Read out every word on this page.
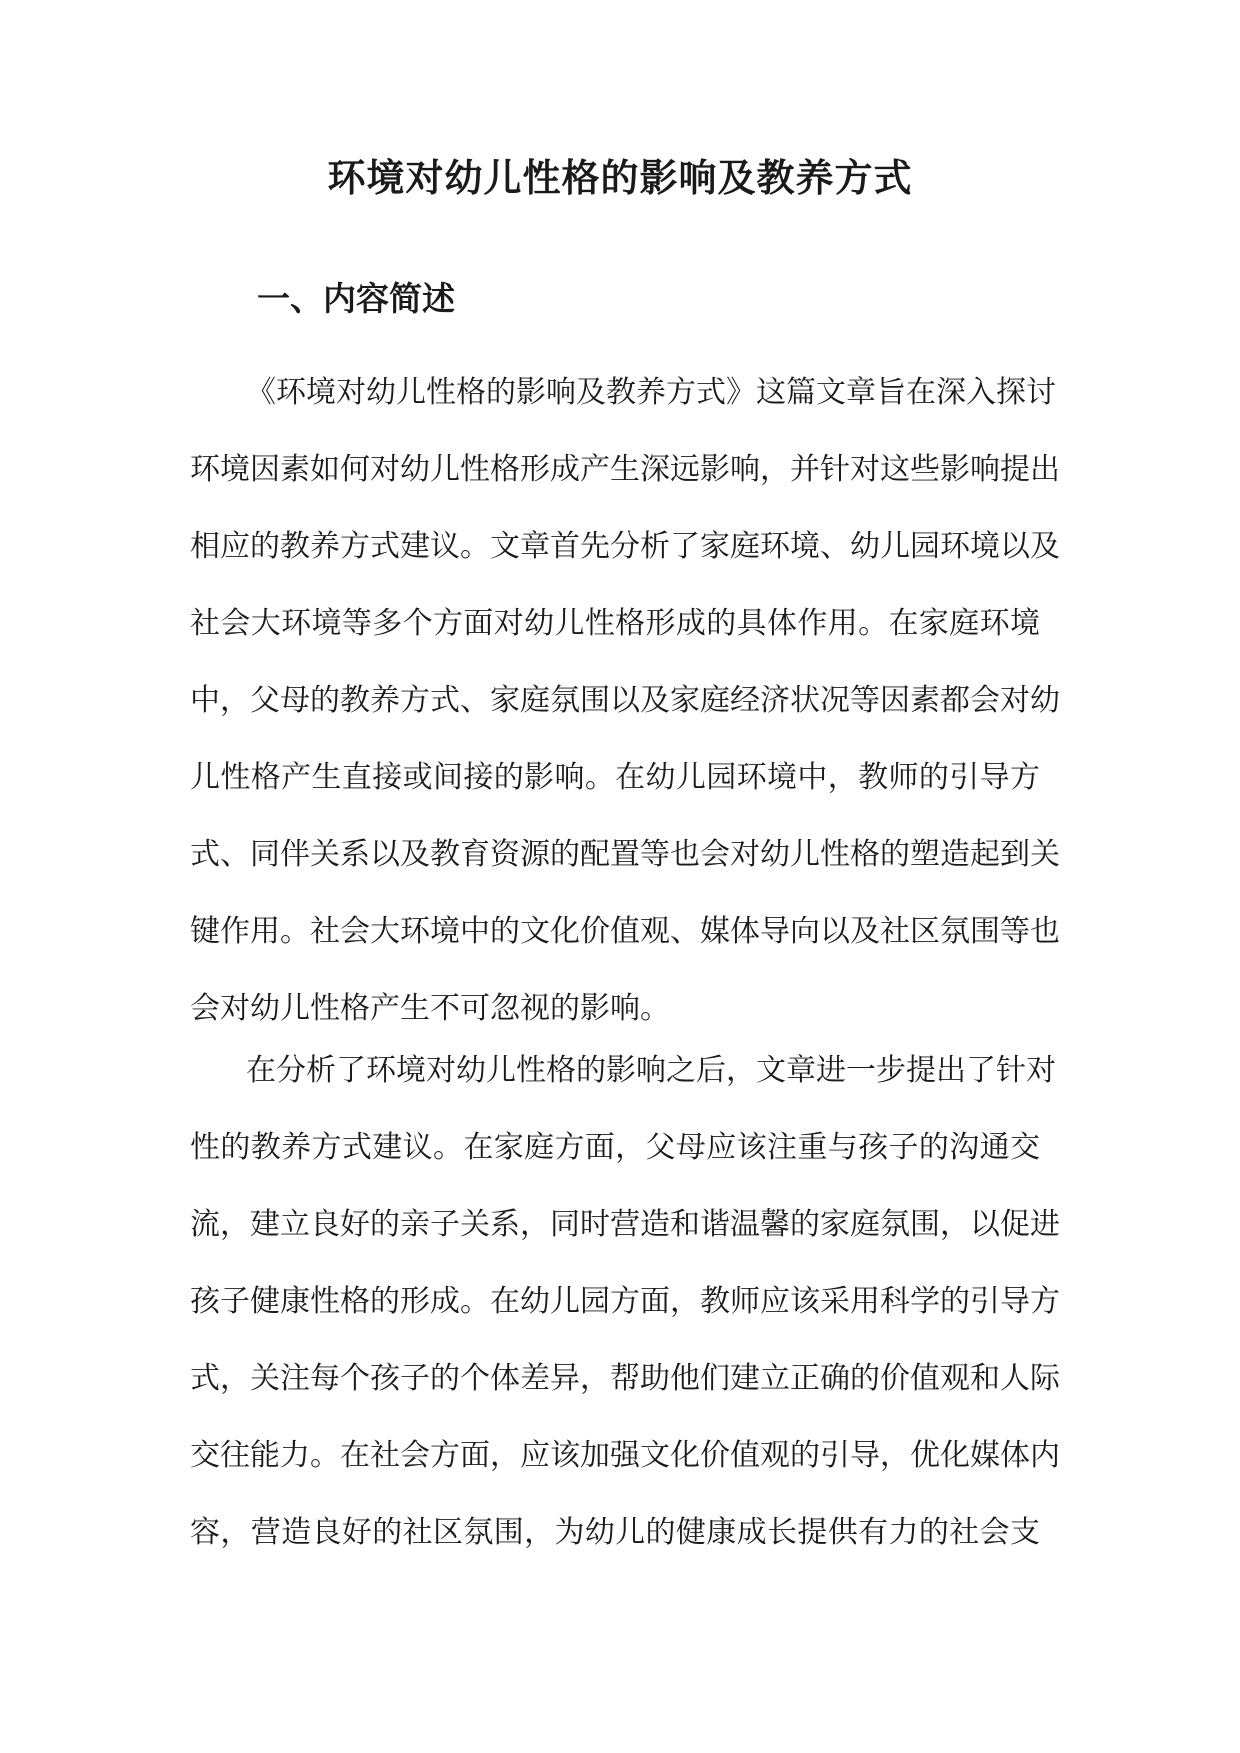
环境对幼儿性格的影响及教养方式
一、内容简述
《环境对幼儿性格的影响及教养方式》这篇文章旨在深入探讨
环境因素如何对幼儿性格形成产生深远影响，并针对这些影响提出
相应的教养方式建议。文章首先分析了家庭环境、幼儿园环境以及
社会大环境等多个方面对幼儿性格形成的具体作用。在家庭环境
中，父母的教养方式、家庭氛围以及家庭经济状况等因素都会对幼
儿性格产生直接或间接的影响。在幼儿园环境中，教师的引导方
式、同伴关系以及教育资源的配置等也会对幼儿性格的塑造起到关
键作用。社会大环境中的文化价值观、媒体导向以及社区氛围等也
会对幼儿性格产生不可忽视的影响。
在分析了环境对幼儿性格的影响之后，文章进一步提出了针对
性的教养方式建议。在家庭方面，父母应该注重与孩子的沟通交
流，建立良好的亲子关系，同时营造和谐温馨的家庭氛围，以促进
孩子健康性格的形成。在幼儿园方面，教师应该采用科学的引导方
式，关注每个孩子的个体差异，帮助他们建立正确的价值观和人际
交往能力。在社会方面，应该加强文化价值观的引导，优化媒体内
容，营造良好的社区氛围，为幼儿的健康成长提供有力的社会支
